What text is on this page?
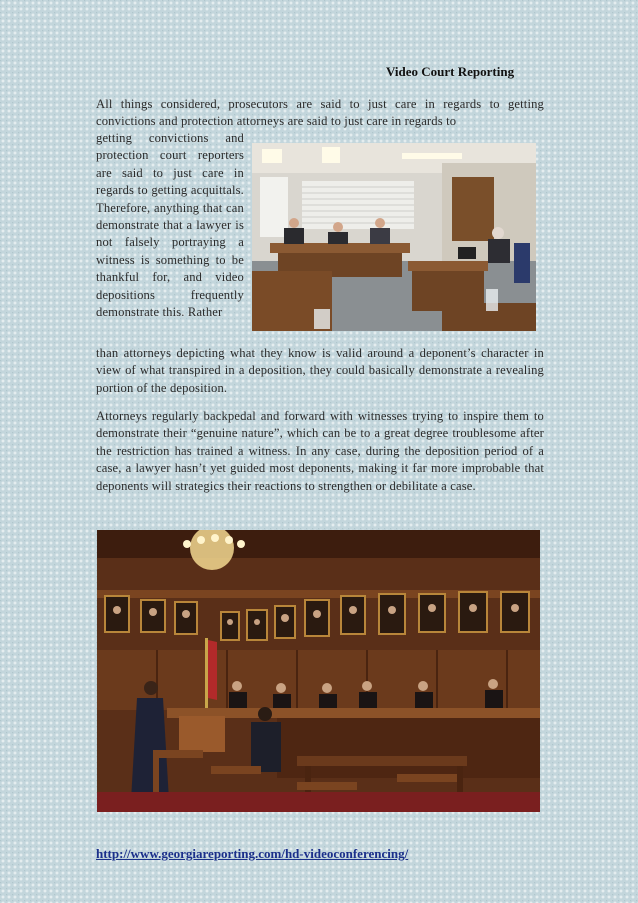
Video Court Reporting
All things considered, prosecutors are said to just care in regards to getting convictions and protection attorneys are said to just care in regards to
getting convictions and protection court reporters are said to just care in regards to getting acquittals. Therefore, anything that can demonstrate that a lawyer is not falsely portraying a witness is something to be thankful for, and video depositions frequently demonstrate this. Rather
than attorneys depicting what they know is valid around a deponent’s character in view of what transpired in a deposition, they could basically demonstrate a revealing portion of the deposition.
Attorneys regularly backpedal and forward with witnesses trying to inspire them to demonstrate their “genuine nature”, which can be to a great degree troublesome after the restriction has trained a witness. In any case, during the deposition period of a case, a lawyer hasn’t yet guided most deponents, making it far more improbable that deponents will strategics their reactions to strengthen or debilitate a case.
http://www.georgiareporting.com/hd-videoconferencing/
